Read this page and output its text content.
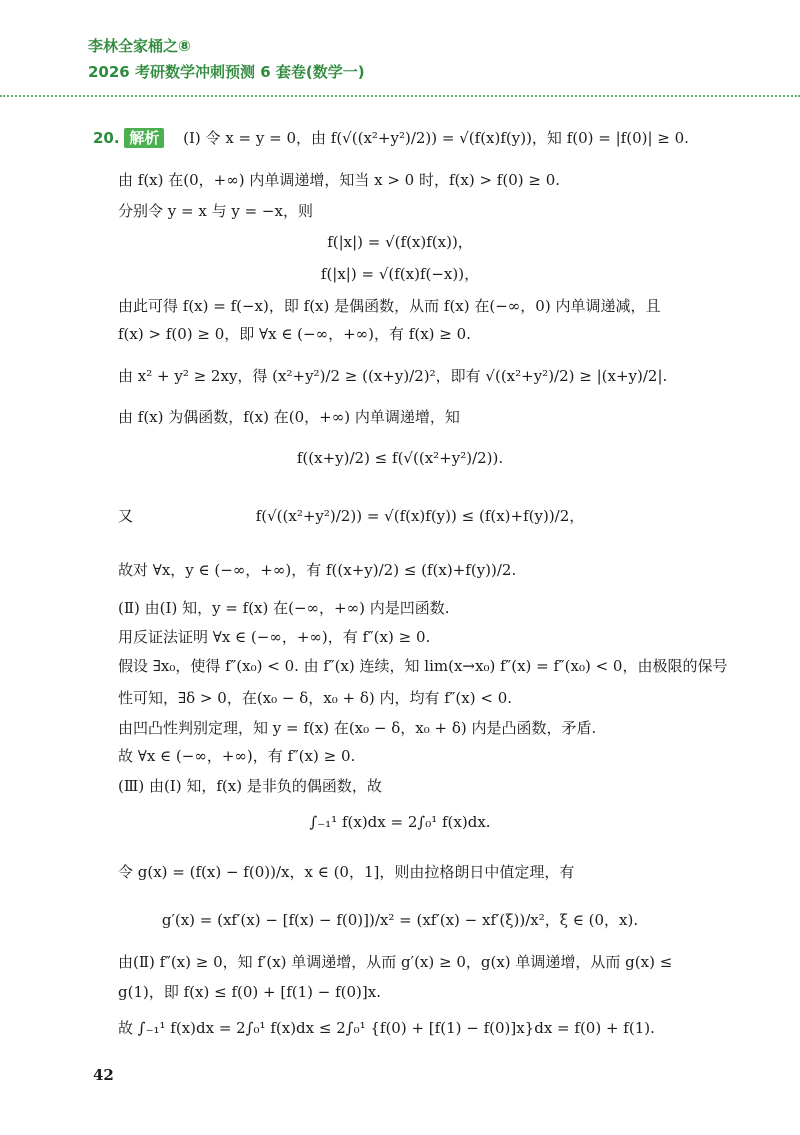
李林全家桶之⑧
2026 考研数学冲刺预测 6 套卷(数学一)
20. 解析 (Ⅰ) 令 x = y = 0，由 f(√((x²+y²)/2)) = √(f(x)f(y))，知 f(0) = |f(0)| ≥ 0.
由 f(x) 在(0，+∞) 内单调递增，知当 x > 0 时，f(x) > f(0) ≥ 0.
分别令 y = x 与 y = −x，则
f(|x|) = √(f(x)f(x))，
f(|x|) = √(f(x)f(−x))，
由此可得 f(x) = f(−x)，即 f(x) 是偶函数，从而 f(x) 在(−∞，0) 内单调递减，且
f(x) > f(0) ≥ 0，即 ∀x ∈ (−∞，+∞)，有 f(x) ≥ 0.
由 x² + y² ≥ 2xy，得 (x²+y²)/2 ≥ ((x+y)/2)²，即有 √((x²+y²)/2) ≥ |(x+y)/2|.
由 f(x) 为偶函数，f(x) 在(0，+∞) 内单调递增，知
f((x+y)/2) ≤ f(√((x²+y²)/2)).
又	f(√((x²+y²)/2)) = √(f(x)f(y)) ≤ (f(x)+f(y))/2，
故对 ∀x，y ∈ (−∞，+∞)，有 f((x+y)/2) ≤ (f(x)+f(y))/2.
(Ⅱ) 由(Ⅰ) 知，y = f(x) 在(−∞，+∞) 内是凹函数.
用反证法证明 ∀x ∈ (−∞，+∞)，有 f″(x) ≥ 0.
假设 ∃x₀，使得 f″(x₀) < 0. 由 f″(x) 连续，知 lim(x→x₀) f″(x) = f″(x₀) < 0，由极限的保号
性可知，∃δ > 0，在(x₀ − δ，x₀ + δ) 内，均有 f″(x) < 0.
由凹凸性判别定理，知 y = f(x) 在(x₀ − δ，x₀ + δ) 内是凸函数，矛盾.
故 ∀x ∈ (−∞，+∞)，有 f″(x) ≥ 0.
(Ⅲ) 由(Ⅰ) 知，f(x) 是非负的偶函数，故
∫₋₁¹ f(x)dx = 2∫₀¹ f(x)dx.
令 g(x) = (f(x) − f(0))/x，x ∈ (0，1]，则由拉格朗日中值定理，有
g′(x) = (xf′(x) − [f(x) − f(0)])/x² = (xf′(x) − xf′(ξ))/x²，ξ ∈ (0，x).
由(Ⅱ) f″(x) ≥ 0，知 f′(x) 单调递增，从而 g′(x) ≥ 0，g(x) 单调递增，从而 g(x) ≤
g(1)，即 f(x) ≤ f(0) + [f(1) − f(0)]x.
故 ∫₋₁¹ f(x)dx = 2∫₀¹ f(x)dx ≤ 2∫₀¹ {f(0) + [f(1) − f(0)]x}dx = f(0) + f(1).
42
